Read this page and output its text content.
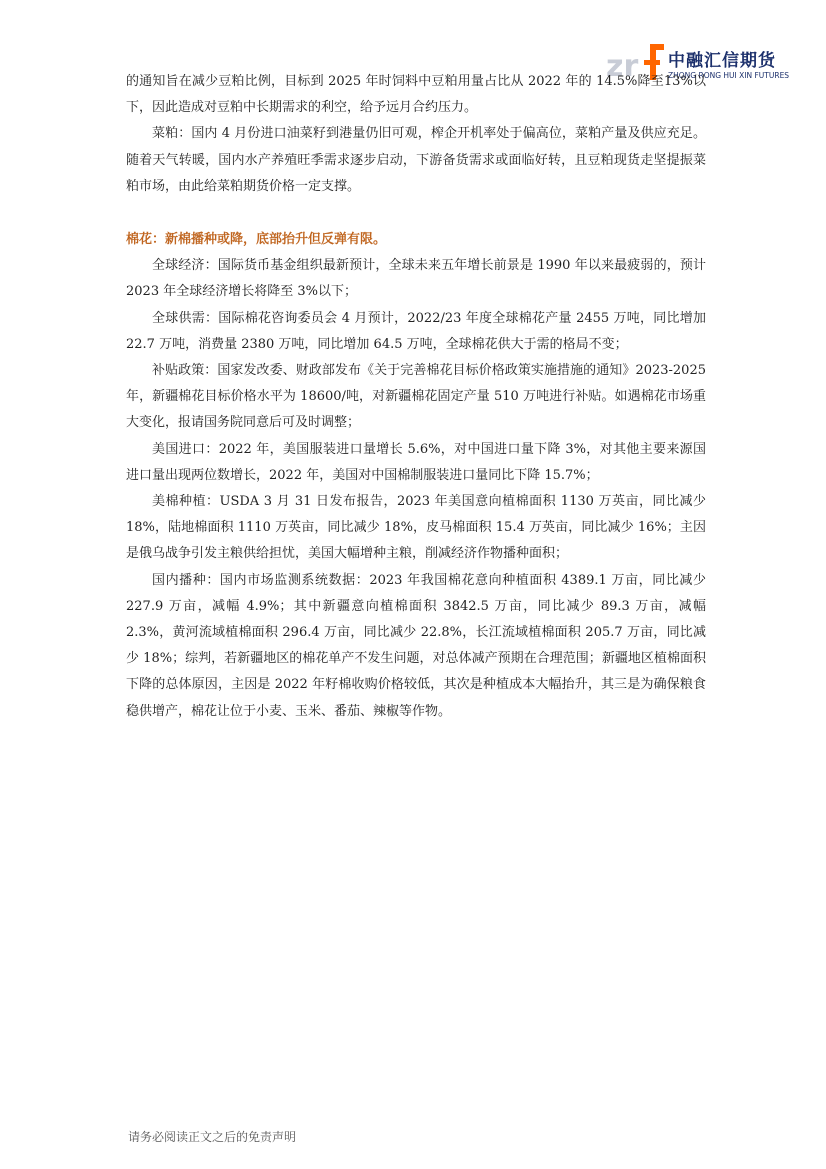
zr 中融汇信期货
ZHONG RONG HUI XIN FUTURES

的通知旨在减少豆粕比例，目标到 2025 年时饲料中豆粕用量占比从 2022 年的 14.5%降至13%以下，因此造成对豆粕中长期需求的利空，给予远月合约压力。

菜粕：国内 4 月份进口油菜籽到港量仍旧可观，榨企开机率处于偏高位，菜粕产量及供应充足。随着天气转暖，国内水产养殖旺季需求逐步启动，下游备货需求或面临好转，且豆粕现货走坚提振菜粕市场，由此给菜粕期货价格一定支撑。

棉花：新棉播种或降，底部抬升但反弹有限。

全球经济：国际货币基金组织最新预计，全球未来五年增长前景是 1990 年以来最疲弱的，预计 2023 年全球经济增长将降至 3%以下；

全球供需：国际棉花咨询委员会 4 月预计，2022/23 年度全球棉花产量 2455 万吨，同比增加 22.7 万吨，消费量 2380 万吨，同比增加 64.5 万吨，全球棉花供大于需的格局不变；

补贴政策：国家发改委、财政部发布《关于完善棉花目标价格政策实施措施的通知》2023-2025 年，新疆棉花目标价格水平为 18600/吨，对新疆棉花固定产量 510 万吨进行补贴。如遇棉花市场重大变化，报请国务院同意后可及时调整；

美国进口：2022 年，美国服装进口量增长 5.6%，对中国进口量下降 3%，对其他主要来源国进口量出现两位数增长，2022 年，美国对中国棉制服装进口量同比下降 15.7%；

美棉种植：USDA 3 月 31 日发布报告，2023 年美国意向植棉面积 1130 万英亩，同比减少 18%，陆地棉面积 1110 万英亩，同比减少 18%，皮马棉面积 15.4 万英亩，同比减少 16%；主因是俄乌战争引发主粮供给担忧，美国大幅增种主粮，削减经济作物播种面积；

国内播种：国内市场监测系统数据：2023 年我国棉花意向种植面积 4389.1 万亩，同比减少 227.9 万亩，减幅 4.9%；其中新疆意向植棉面积 3842.5 万亩，同比减少 89.3 万亩，减幅 2.3%，黄河流域植棉面积 296.4 万亩，同比减少 22.8%，长江流域植棉面积 205.7 万亩，同比减少 18%；综判，若新疆地区的棉花单产不发生问题，对总体减产预期在合理范围；新疆地区植棉面积下降的总体原因，主因是 2022 年籽棉收购价格较低，其次是种植成本大幅抬升，其三是为确保粮食稳供增产，棉花让位于小麦、玉米、番茄、辣椒等作物。

请务必阅读正文之后的免责声明
